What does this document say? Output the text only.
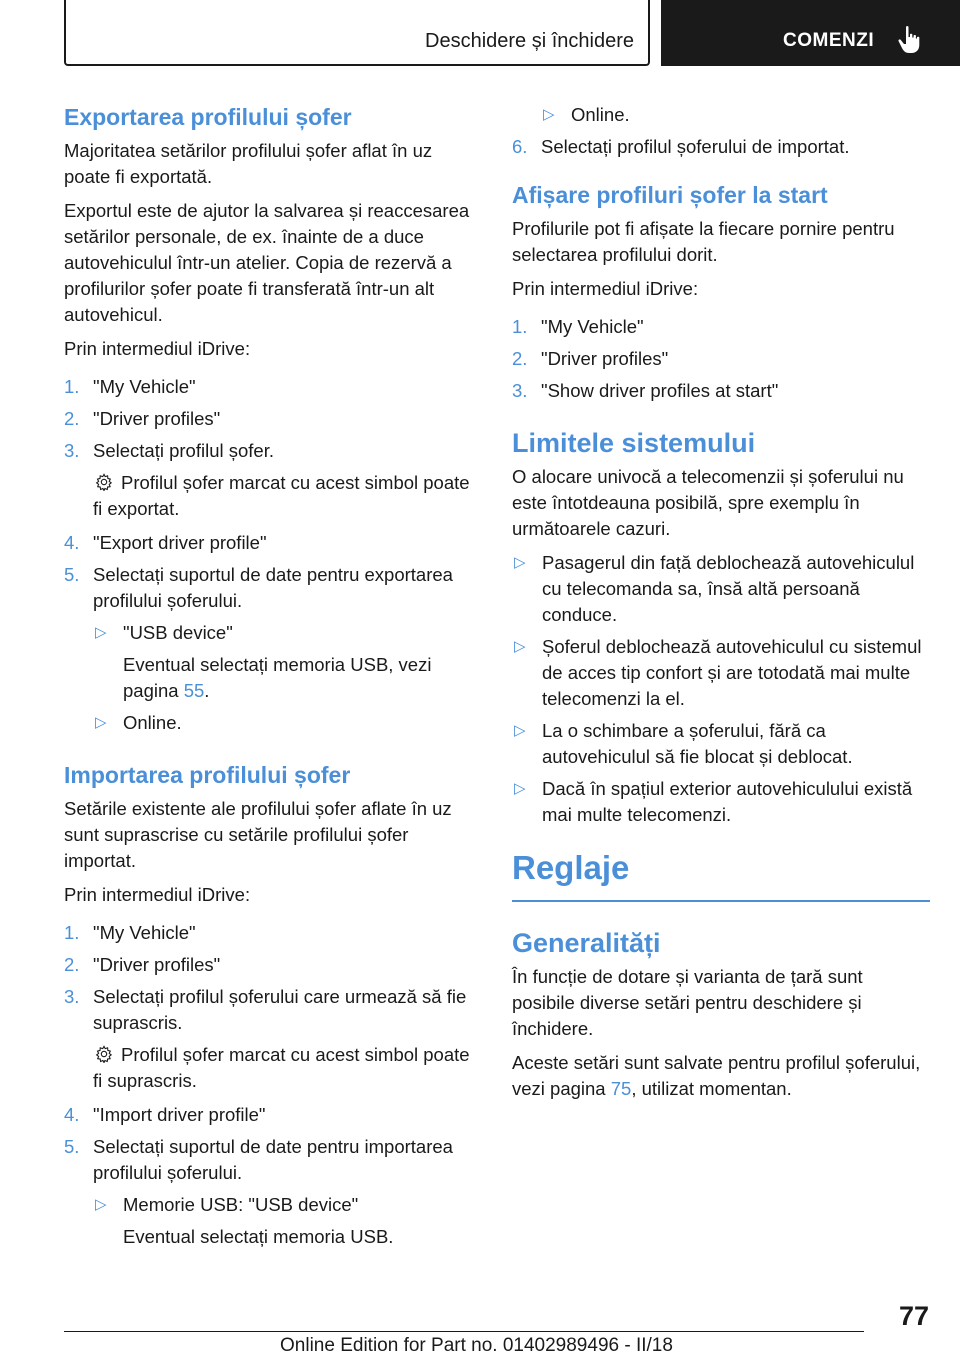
Deschidere și închidere	COMENZI
Exportarea profilului șofer

Majoritatea setărilor profilului șofer aflat în uz poate fi exportată.

Exportul este de ajutor la salvarea și reaccesarea setărilor personale, de ex. înainte de a duce autovehiculul într-un atelier. Copia de rezervă a profilurilor șofer poate fi transferată într-un alt autovehicul.

Prin intermediul iDrive:

1. "My Vehicle"
2. "Driver profiles"
3. Selectați profilul șofer.
Profilul șofer marcat cu acest simbol poate fi exportat.
4. "Export driver profile"
5. Selectați suportul de date pentru exportarea profilului șoferului.
▷ "USB device"
Eventual selectați memoria USB, vezi pagina 55.
▷ Online.
Importarea profilului șofer

Setările existente ale profilului șofer aflate în uz sunt suprascrise cu setările profilului șofer importat.

Prin intermediul iDrive:

1. "My Vehicle"
2. "Driver profiles"
3. Selectați profilul șoferului care urmează să fie suprascris.
Profilul șofer marcat cu acest simbol poate fi suprascris.
4. "Import driver profile"
5. Selectați suportul de date pentru importarea profilului șoferului.
▷ Memorie USB: "USB device"
Eventual selectați memoria USB.
▷ Online.
6. Selectați profilul șoferului de importat.
Afișare profiluri șofer la start

Profilurile pot fi afișate la fiecare pornire pentru selectarea profilului dorit.

Prin intermediul iDrive:

1. "My Vehicle"
2. "Driver profiles"
3. "Show driver profiles at start"
Limitele sistemului

O alocare univocă a telecomenzii și șoferului nu este întotdeauna posibilă, spre exemplu în următoarele cazuri.

▷ Pasagerul din față deblochează autovehiculul cu telecomanda sa, însă altă persoană conduce.
▷ Șoferul deblochează autovehiculul cu sistemul de acces tip confort și are totodată mai multe telecomenzi la el.
▷ La o schimbare a șoferului, fără ca autovehiculul să fie blocat și deblocat.
▷ Dacă în spațiul exterior autovehiculului există mai multe telecomenzi.
Reglaje
Generalități

În funcție de dotare și varianta de țară sunt posibile diverse setări pentru deschidere și închidere.

Aceste setări sunt salvate pentru profilul șoferului, vezi pagina 75, utilizat momentan.

77
Online Edition for Part no. 01402989496 - II/18
